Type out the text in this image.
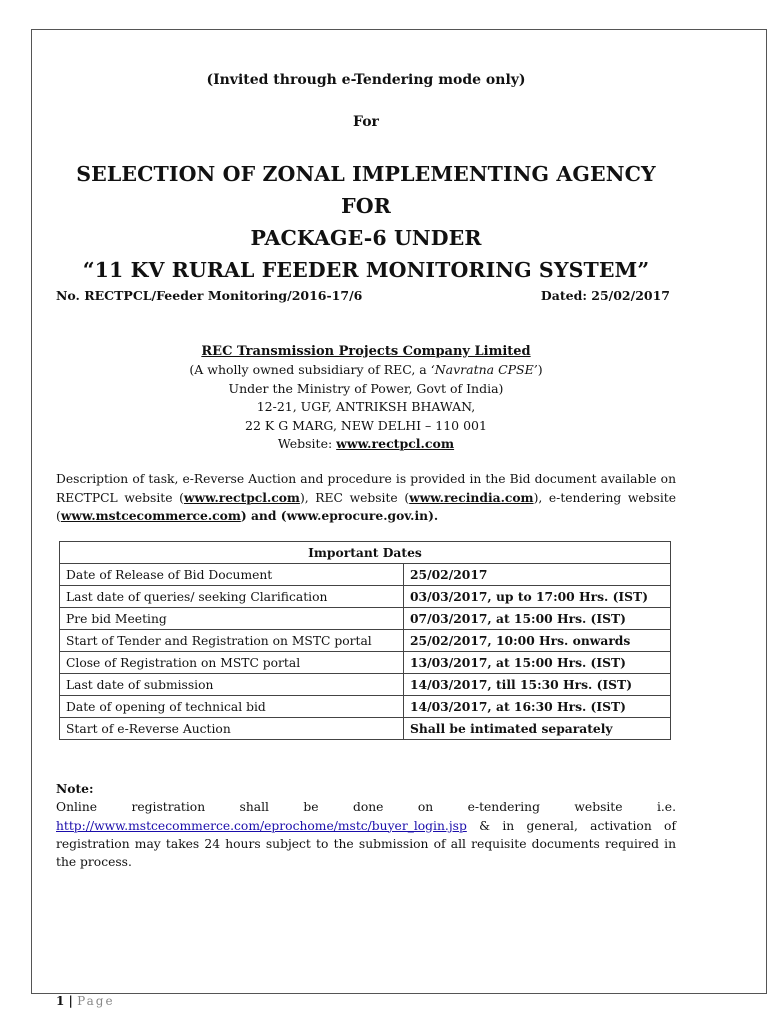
(Invited through e-Tendering mode only)
For
SELECTION OF ZONAL IMPLEMENTING AGENCY FOR
PACKAGE-6 UNDER
“11 KV RURAL FEEDER MONITORING SYSTEM”
No. RECTPCL/Feeder Monitoring/2016-17/6	Dated: 25/02/2017
REC Transmission Projects Company Limited
(A wholly owned subsidiary of REC, a ‘Navratna CPSE’)
Under the Ministry of Power, Govt of India)
12-21, UGF, ANTRIKSH BHAWAN,
22 K G MARG, NEW DELHI – 110 001
Website: www.rectpcl.com
Description of task, e-Reverse Auction and procedure is provided in the Bid document available on RECTPCL website (www.rectpcl.com), REC website (www.recindia.com), e-tendering website (www.mstcecommerce.com) and (www.eprocure.gov.in).
Important Dates	
Date of Release of Bid Document	25/02/2017
Last date of queries/ seeking Clarification	03/03/2017, up to 17:00 Hrs. (IST)
Pre bid Meeting	07/03/2017, at 15:00 Hrs. (IST)
Start of Tender and Registration on MSTC portal	25/02/2017, 10:00 Hrs. onwards
Close of Registration on MSTC portal	13/03/2017, at 15:00 Hrs. (IST)
Last date of submission	14/03/2017, till 15:30 Hrs. (IST)
Date of opening of technical bid	14/03/2017, at 16:30 Hrs. (IST)
Start of e-Reverse Auction	Shall be intimated separately
Note:
Online	registration	shall	be	done	on	e-tendering	website	i.e.
http://www.mstcecommerce.com/eprochome/mstc/buyer_login.jsp & in general, activation of registration may takes 24 hours subject to the submission of all requisite documents required in the process.
1 | Page
